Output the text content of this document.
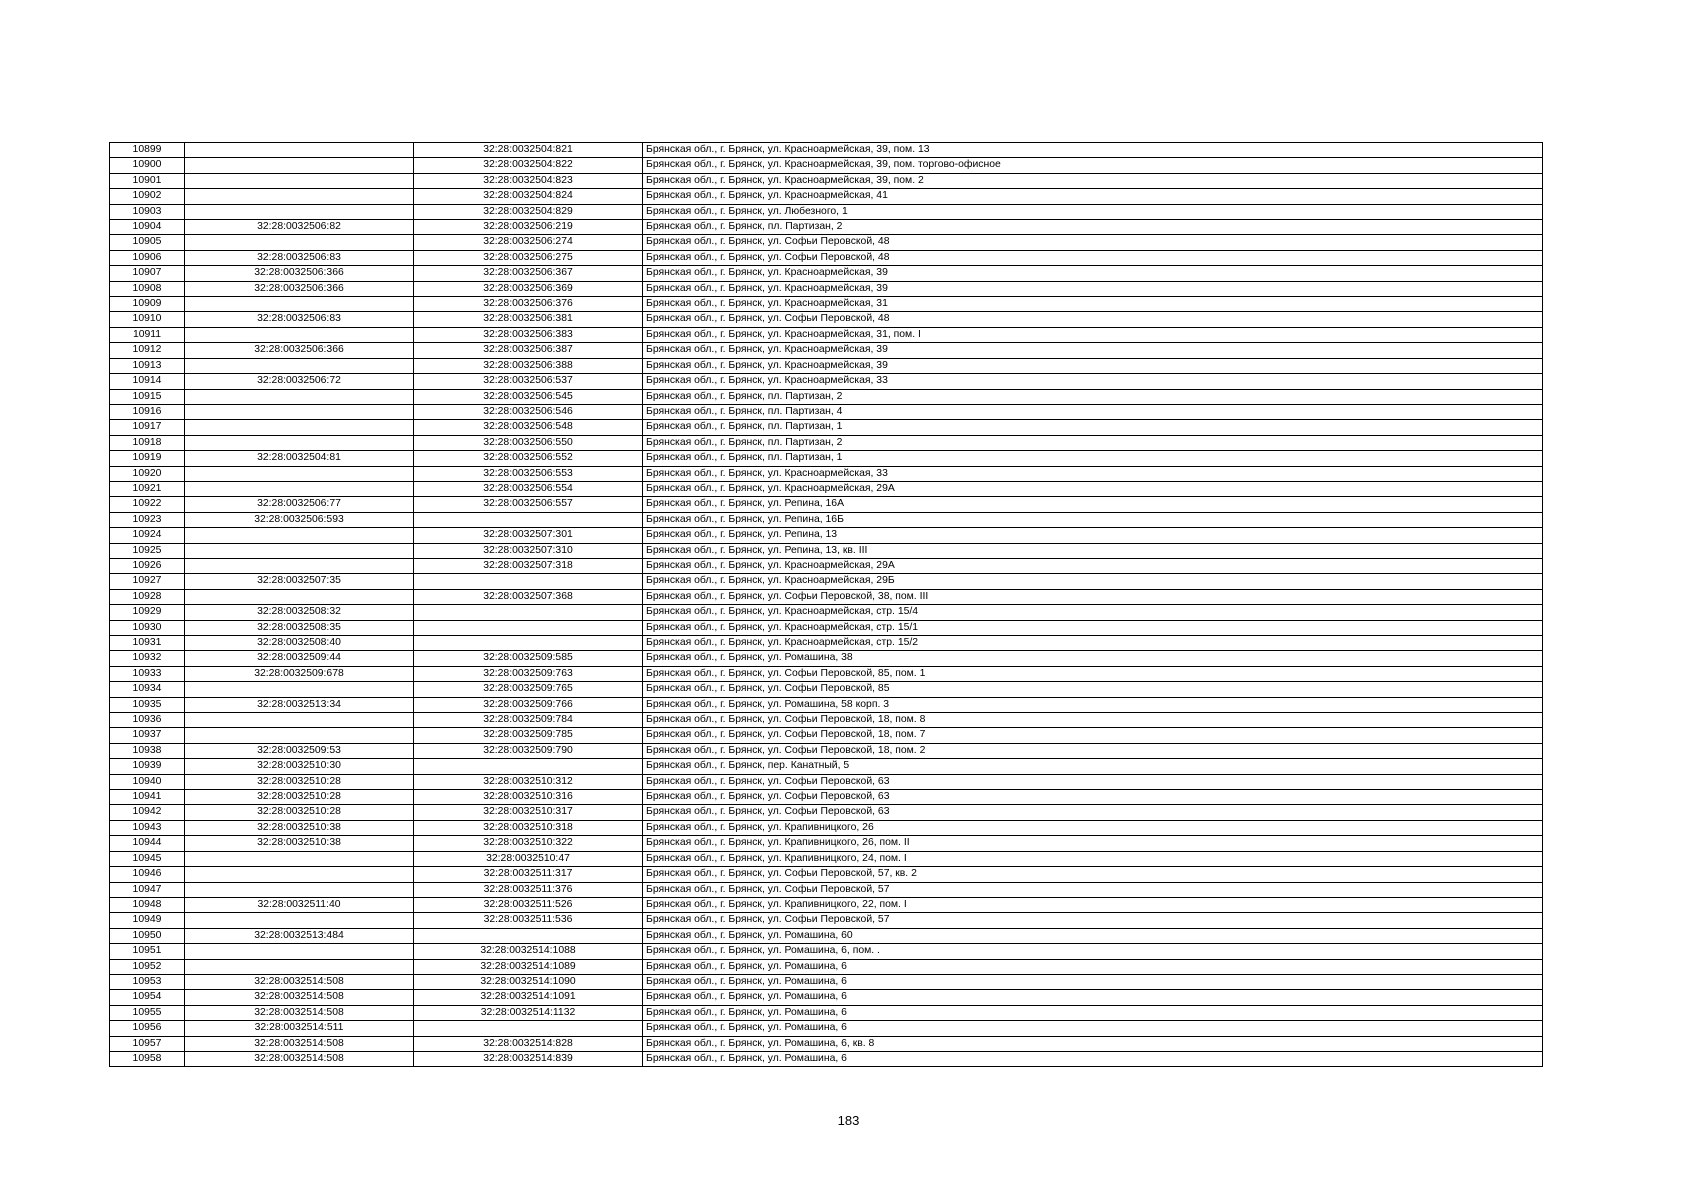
10899		32:28:0032504:821	Брянская обл., г. Брянск, ул. Красноармейская, 39, пом. 13
10900		32:28:0032504:822	Брянская обл., г. Брянск, ул. Красноармейская, 39, пом. торгово-офисное
10901		32:28:0032504:823	Брянская обл., г. Брянск, ул. Красноармейская, 39, пом. 2
10902		32:28:0032504:824	Брянская обл., г. Брянск, ул. Красноармейская, 41
10903		32:28:0032504:829	Брянская обл., г. Брянск, ул. Любезного, 1
10904	32:28:0032506:82	32:28:0032506:219	Брянская обл., г. Брянск, пл. Партизан, 2
10905		32:28:0032506:274	Брянская обл., г. Брянск, ул. Софьи Перовской, 48
10906	32:28:0032506:83	32:28:0032506:275	Брянская обл., г. Брянск, ул. Софьи Перовской, 48
10907	32:28:0032506:366	32:28:0032506:367	Брянская обл., г. Брянск, ул. Красноармейская, 39
10908	32:28:0032506:366	32:28:0032506:369	Брянская обл., г. Брянск, ул. Красноармейская, 39
10909		32:28:0032506:376	Брянская обл., г. Брянск, ул. Красноармейская, 31
10910	32:28:0032506:83	32:28:0032506:381	Брянская обл., г. Брянск, ул. Софьи Перовской, 48
10911		32:28:0032506:383	Брянская обл., г. Брянск, ул. Красноармейская, 31, пом. I
10912	32:28:0032506:366	32:28:0032506:387	Брянская обл., г. Брянск, ул. Красноармейская, 39
10913		32:28:0032506:388	Брянская обл., г. Брянск, ул. Красноармейская, 39
10914	32:28:0032506:72	32:28:0032506:537	Брянская обл., г. Брянск, ул. Красноармейская, 33
10915		32:28:0032506:545	Брянская обл., г. Брянск, пл. Партизан, 2
10916		32:28:0032506:546	Брянская обл., г. Брянск, пл. Партизан, 4
10917		32:28:0032506:548	Брянская обл., г. Брянск, пл. Партизан, 1
10918		32:28:0032506:550	Брянская обл., г. Брянск, пл. Партизан, 2
10919	32:28:0032504:81	32:28:0032506:552	Брянская обл., г. Брянск, пл. Партизан, 1
10920		32:28:0032506:553	Брянская обл., г. Брянск, ул. Красноармейская, 33
10921		32:28:0032506:554	Брянская обл., г. Брянск, ул. Красноармейская, 29А
10922	32:28:0032506:77	32:28:0032506:557	Брянская обл., г. Брянск, ул. Репина, 16А
10923	32:28:0032506:593		Брянская обл., г. Брянск, ул. Репина, 16Б
10924		32:28:0032507:301	Брянская обл., г. Брянск, ул. Репина, 13
10925		32:28:0032507:310	Брянская обл., г. Брянск, ул. Репина, 13, кв. III
10926		32:28:0032507:318	Брянская обл., г. Брянск, ул. Красноармейская, 29А
10927	32:28:0032507:35		Брянская обл., г. Брянск, ул. Красноармейская, 29Б
10928		32:28:0032507:368	Брянская обл., г. Брянск, ул. Софьи Перовской, 38, пом. III
10929	32:28:0032508:32		Брянская обл., г. Брянск, ул. Красноармейская, стр. 15/4
10930	32:28:0032508:35		Брянская обл., г. Брянск, ул. Красноармейская, стр. 15/1
10931	32:28:0032508:40		Брянская обл., г. Брянск, ул. Красноармейская, стр. 15/2
10932	32:28:0032509:44	32:28:0032509:585	Брянская обл., г. Брянск, ул. Ромашина, 38
10933	32:28:0032509:678	32:28:0032509:763	Брянская обл., г. Брянск, ул. Софьи Перовской, 85, пом. 1
10934		32:28:0032509:765	Брянская обл., г. Брянск, ул. Софьи Перовской, 85
10935	32:28:0032513:34	32:28:0032509:766	Брянская обл., г. Брянск, ул. Ромашина, 58 корп. 3
10936		32:28:0032509:784	Брянская обл., г. Брянск, ул. Софьи Перовской, 18, пом. 8
10937		32:28:0032509:785	Брянская обл., г. Брянск, ул. Софьи Перовской, 18, пом. 7
10938	32:28:0032509:53	32:28:0032509:790	Брянская обл., г. Брянск, ул. Софьи Перовской, 18, пом. 2
10939	32:28:0032510:30		Брянская обл., г. Брянск, пер. Канатный, 5
10940	32:28:0032510:28	32:28:0032510:312	Брянская обл., г. Брянск, ул. Софьи Перовской, 63
10941	32:28:0032510:28	32:28:0032510:316	Брянская обл., г. Брянск, ул. Софьи Перовской, 63
10942	32:28:0032510:28	32:28:0032510:317	Брянская обл., г. Брянск, ул. Софьи Перовской, 63
10943	32:28:0032510:38	32:28:0032510:318	Брянская обл., г. Брянск, ул. Крапивницкого, 26
10944	32:28:0032510:38	32:28:0032510:322	Брянская обл., г. Брянск, ул. Крапивницкого, 26, пом. II
10945		32:28:0032510:47	Брянская обл., г. Брянск, ул. Крапивницкого, 24, пом. I
10946		32:28:0032511:317	Брянская обл., г. Брянск, ул. Софьи Перовской, 57, кв. 2
10947		32:28:0032511:376	Брянская обл., г. Брянск, ул. Софьи Перовской, 57
10948	32:28:0032511:40	32:28:0032511:526	Брянская обл., г. Брянск, ул. Крапивницкого, 22, пом. I
10949		32:28:0032511:536	Брянская обл., г. Брянск, ул. Софьи Перовской, 57
10950	32:28:0032513:484		Брянская обл., г. Брянск, ул. Ромашина, 60
10951		32:28:0032514:1088	Брянская обл., г. Брянск, ул. Ромашина, 6, пом. .
10952		32:28:0032514:1089	Брянская обл., г. Брянск, ул. Ромашина, 6
10953	32:28:0032514:508	32:28:0032514:1090	Брянская обл., г. Брянск, ул. Ромашина, 6
10954	32:28:0032514:508	32:28:0032514:1091	Брянская обл., г. Брянск, ул. Ромашина, 6
10955	32:28:0032514:508	32:28:0032514:1132	Брянская обл., г. Брянск, ул. Ромашина, 6
10956	32:28:0032514:511		Брянская обл., г. Брянск, ул. Ромашина, 6
10957	32:28:0032514:508	32:28:0032514:828	Брянская обл., г. Брянск, ул. Ромашина, 6, кв. 8
10958	32:28:0032514:508	32:28:0032514:839	Брянская обл., г. Брянск, ул. Ромашина, 6
183
